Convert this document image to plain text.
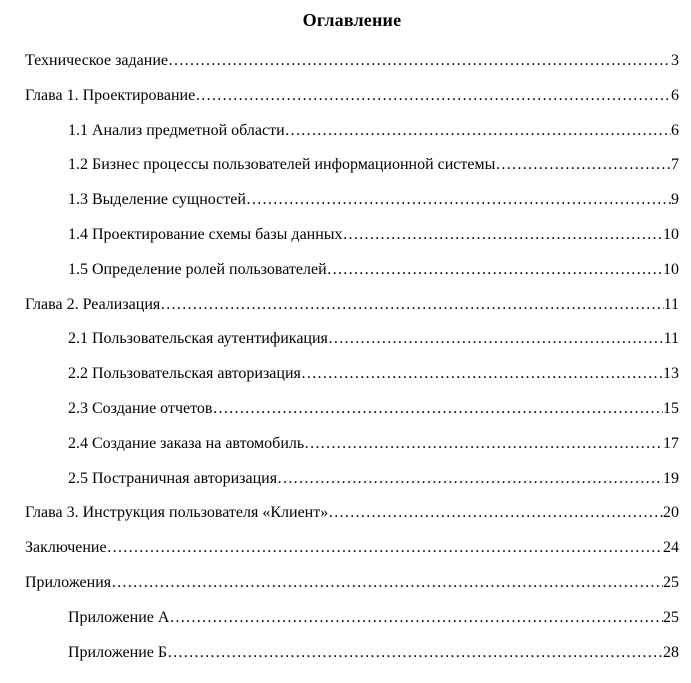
Оглавление
Техническое задание ………………………………………………………………………………………………………………………………	3
Глава 1. Проектирование ………………………………………………………………………………………………………………………………	6
1.1 Анализ предметной области ………………………………………………………………………………………………………………………………	6
1.2 Бизнес процессы пользователей информационной системы ………………………………………………………………………………………………………………………………	7
1.3 Выделение сущностей ………………………………………………………………………………………………………………………………	9
1.4 Проектирование схемы базы данных ………………………………………………………………………………………………………………………………	10
1.5 Определение ролей пользователей ………………………………………………………………………………………………………………………………	10
Глава 2. Реализация ………………………………………………………………………………………………………………………………	11
2.1 Пользовательская аутентификация ………………………………………………………………………………………………………………………………	11
2.2 Пользовательская авторизация ………………………………………………………………………………………………………………………………	13
2.3 Создание отчетов ………………………………………………………………………………………………………………………………	15
2.4 Создание заказа на автомобиль ………………………………………………………………………………………………………………………………	17
2.5 Постраничная авторизация ………………………………………………………………………………………………………………………………	19
Глава 3. Инструкция пользователя «Клиент» ………………………………………………………………………………………………………………………………	20
Заключение ………………………………………………………………………………………………………………………………	24
Приложения ………………………………………………………………………………………………………………………………	25
Приложение А ………………………………………………………………………………………………………………………………	25
Приложение Б ………………………………………………………………………………………………………………………………	28
